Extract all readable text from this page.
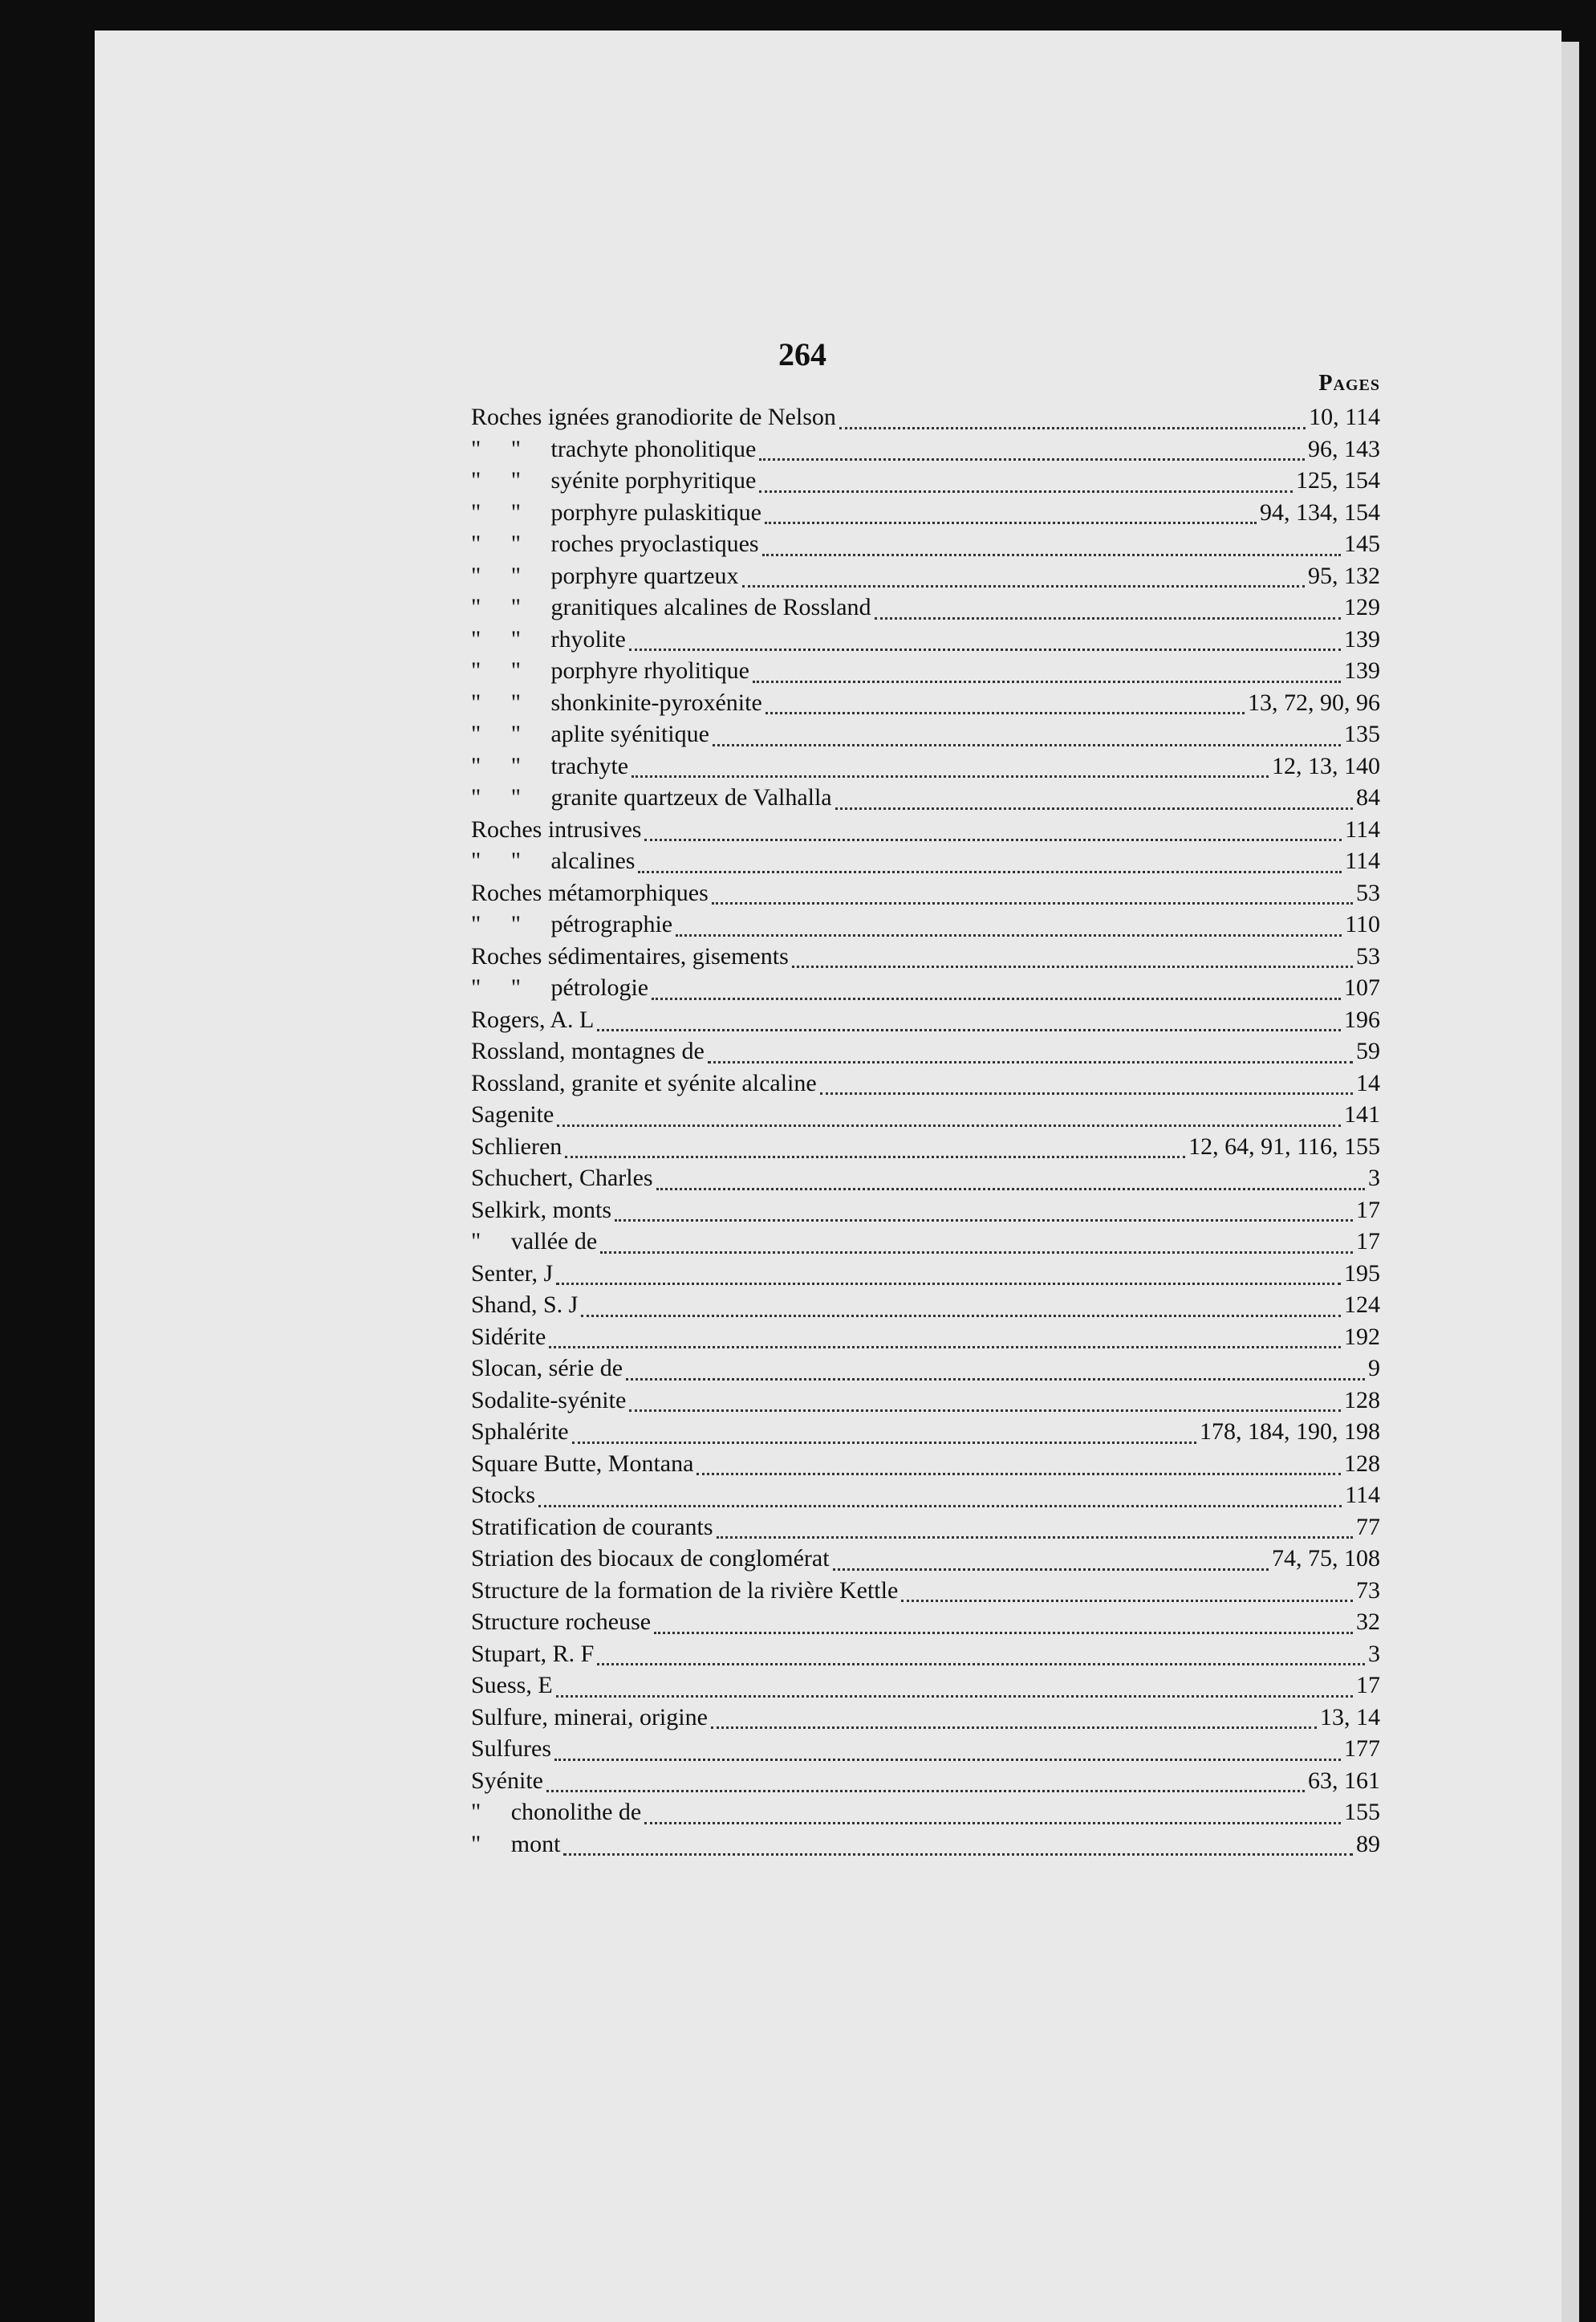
264
Pages
Roches ignées granodiorite de Nelson	10, 114
"     "     trachyte phonolitique	96, 143
"     "     syénite porphyritique	125, 154
"     "     porphyre pulaskitique	94, 134, 154
"     "     roches pryoclastiques	145
"     "     porphyre quartzeux	95, 132
"     "     granitiques alcalines de Rossland	129
"     "     rhyolite	139
"     "     porphyre rhyolitique	139
"     "     shonkinite-pyroxénite	13, 72, 90, 96
"     "     aplite syénitique	135
"     "     trachyte	12, 13, 140
"     "     granite quartzeux de Valhalla	84
Roches intrusives	114
"     "     alcalines	114
Roches métamorphiques	53
"     "     pétrographie	110
Roches sédimentaires, gisements	53
"     "     pétrologie	107
Rogers, A. L	196
Rossland, montagnes de	59
Rossland, granite et syénite alcaline	14
Sagenite	141
Schlieren	12, 64, 91, 116, 155
Schuchert, Charles	3
Selkirk, monts	17
"     vallée de	17
Senter, J	195
Shand, S. J	124
Sidérite	192
Slocan, série de	9
Sodalite-syénite	128
Sphalérite	178, 184, 190, 198
Square Butte, Montana	128
Stocks	114
Stratification de courants	77
Striation des biocaux de conglomérat	74, 75, 108
Structure de la formation de la rivière Kettle	73
Structure rocheuse	32
Stupart, R. F	3
Suess, E	17
Sulfure, minerai, origine	13, 14
Sulfures	177
Syénite	63, 161
"     chonolithe de	155
"     mont	89
